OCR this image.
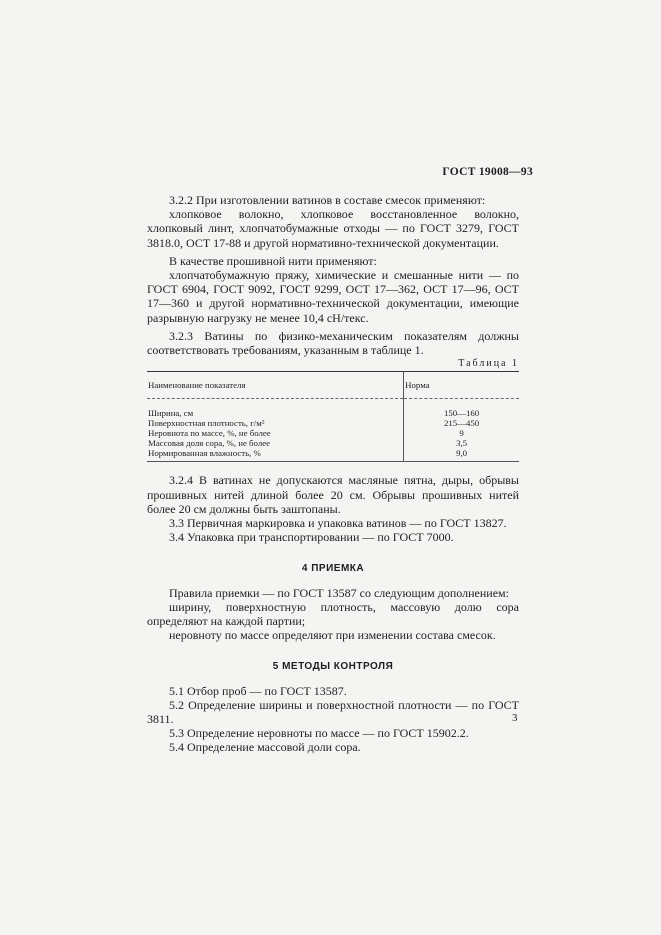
ГОСТ 19008—93

3.2.2 При изготовлении ватинов в составе смесок применяют:

хлопковое волокно, хлопковое восстановленное волокно, хлопковый линт, хлопчатобумажные отходы — по ГОСТ 3279, ГОСТ 3818.0, ОСТ 17-88 и другой нормативно-технической документации.

В качестве прошивной нити применяют:

хлопчатобумажную пряжу, химические и смешанные нити — по ГОСТ 6904, ГОСТ 9092, ГОСТ 9299, ОСТ 17—362, ОСТ 17—96, ОСТ 17—360 и другой нормативно-технической документации, имеющие разрывную нагрузку не менее 10,4 сН/текс.

3.2.3 Ватины по физико-механическим показателям должны соответствовать требованиям, указанным в таблице 1.

Таблица 1

Наименование показателя	Норма
Ширина, см	150—160
Поверхностная плотность, г/м²	215—450
Неровнота по массе, %, не более	9
Массовая доля сора, %, не более	3,5
Нормированная влажность, %	9,0

3.2.4 В ватинах не допускаются масляные пятна, дыры, обрывы прошивных нитей длиной более 20 см. Обрывы прошивных нитей более 20 см должны быть заштопаны.

3.3 Первичная маркировка и упаковка ватинов — по ГОСТ 13827.

3.4 Упаковка при транспортировании — по ГОСТ 7000.

4 ПРИЕМКА

Правила приемки — по ГОСТ 13587 со следующим дополнением:

ширину, поверхностную плотность, массовую долю сора определяют на каждой партии;

неровноту по массе определяют при изменении состава смесок.

5 МЕТОДЫ КОНТРОЛЯ

5.1 Отбор проб — по ГОСТ 13587.

5.2 Определение ширины и поверхностной плотности — по ГОСТ 3811.

5.3 Определение неровноты по массе — по ГОСТ 15902.2.

5.4 Определение массовой доли сора.

3
